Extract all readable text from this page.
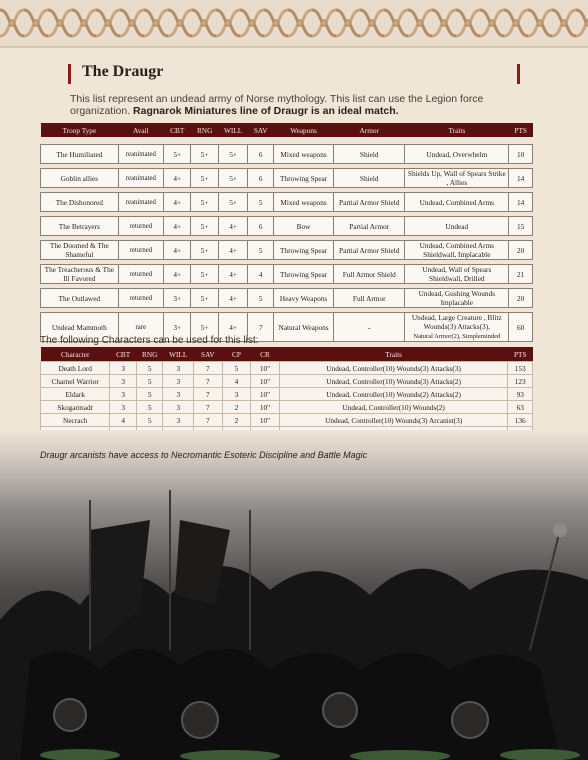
The Draugr
This list represent an undead army of Norse mythology. This list can use the Legion force organization. Ragnarok Miniatures line of Draugr is an ideal match.
Troop Type	Avail	CBT	RNG	WILL	SAV	Weapons	Armor	Traits	PTS

The Humiliated	reanimated	5+	5+	5+	6	Mixed weapons	Shield	Undead, Overwhelm	10

Goblin allies	reanimated	4+	5+	5+	6	Throwing Spear	Shield	Shields Up, Wall of Spears Strike , Allies	14

The Dishonored	reanimated	4+	5+	5+	5	Mixed weapons	Partial Armor Shield	Undead, Combined Arms	14

The Betrayers	returned	4+	5+	4+	6	Bow	Partial Armor	Undead	15

The Doomed & The Shameful	returned	4+	5+	4+	5	Throwing Spear	Partial Armor Shield	Undead, Combined Arms Shieldwall, Implacable	20

The Treacherous & The Ill Favored	returned	4+	5+	4+	4	Throwing Spear	Full Armor Shield	Undead, Wall of Spears Shieldwall, Drilled	21

The Outlawed	returned	3+	5+	4+	5	Heavy Weapons	Full Armor	Undead, Gushing Wounds Implacable	20

Undead Mammoth	rare	3+	5+	4+	7	Natural Weapons	-	Undead, Large Creature , Blitz Wounds(3) Attacks(3),
Natural Armor(2), Simpleminded	60
The following Characters can be used for this list:
Character	CBT	RNG	WILL	SAV	CP	CR	Traits	PTS
Death Lord	3	5	3	7	5	10"	Undead, Controller(10) Wounds(3) Attacks(3)	153
Charnel Warrior	3	5	3	7	4	10"	Undead, Controller(10) Wounds(3) Attacks(2)	123
Eldark	3	5	3	7	3	10"	Undead, Controller(10) Wounds(2) Attacks(2)	93
Skogarmadr	3	5	3	7	2	10"	Undead, Controller(10) Wounds(2)	63
Necrach	4	5	3	7	2	10"	Undead, Controller(10) Wounds(3) Arcanist(3)	136

Draugr arcanists have access to Necromantic Esoteric Discipline and Battle Magic
